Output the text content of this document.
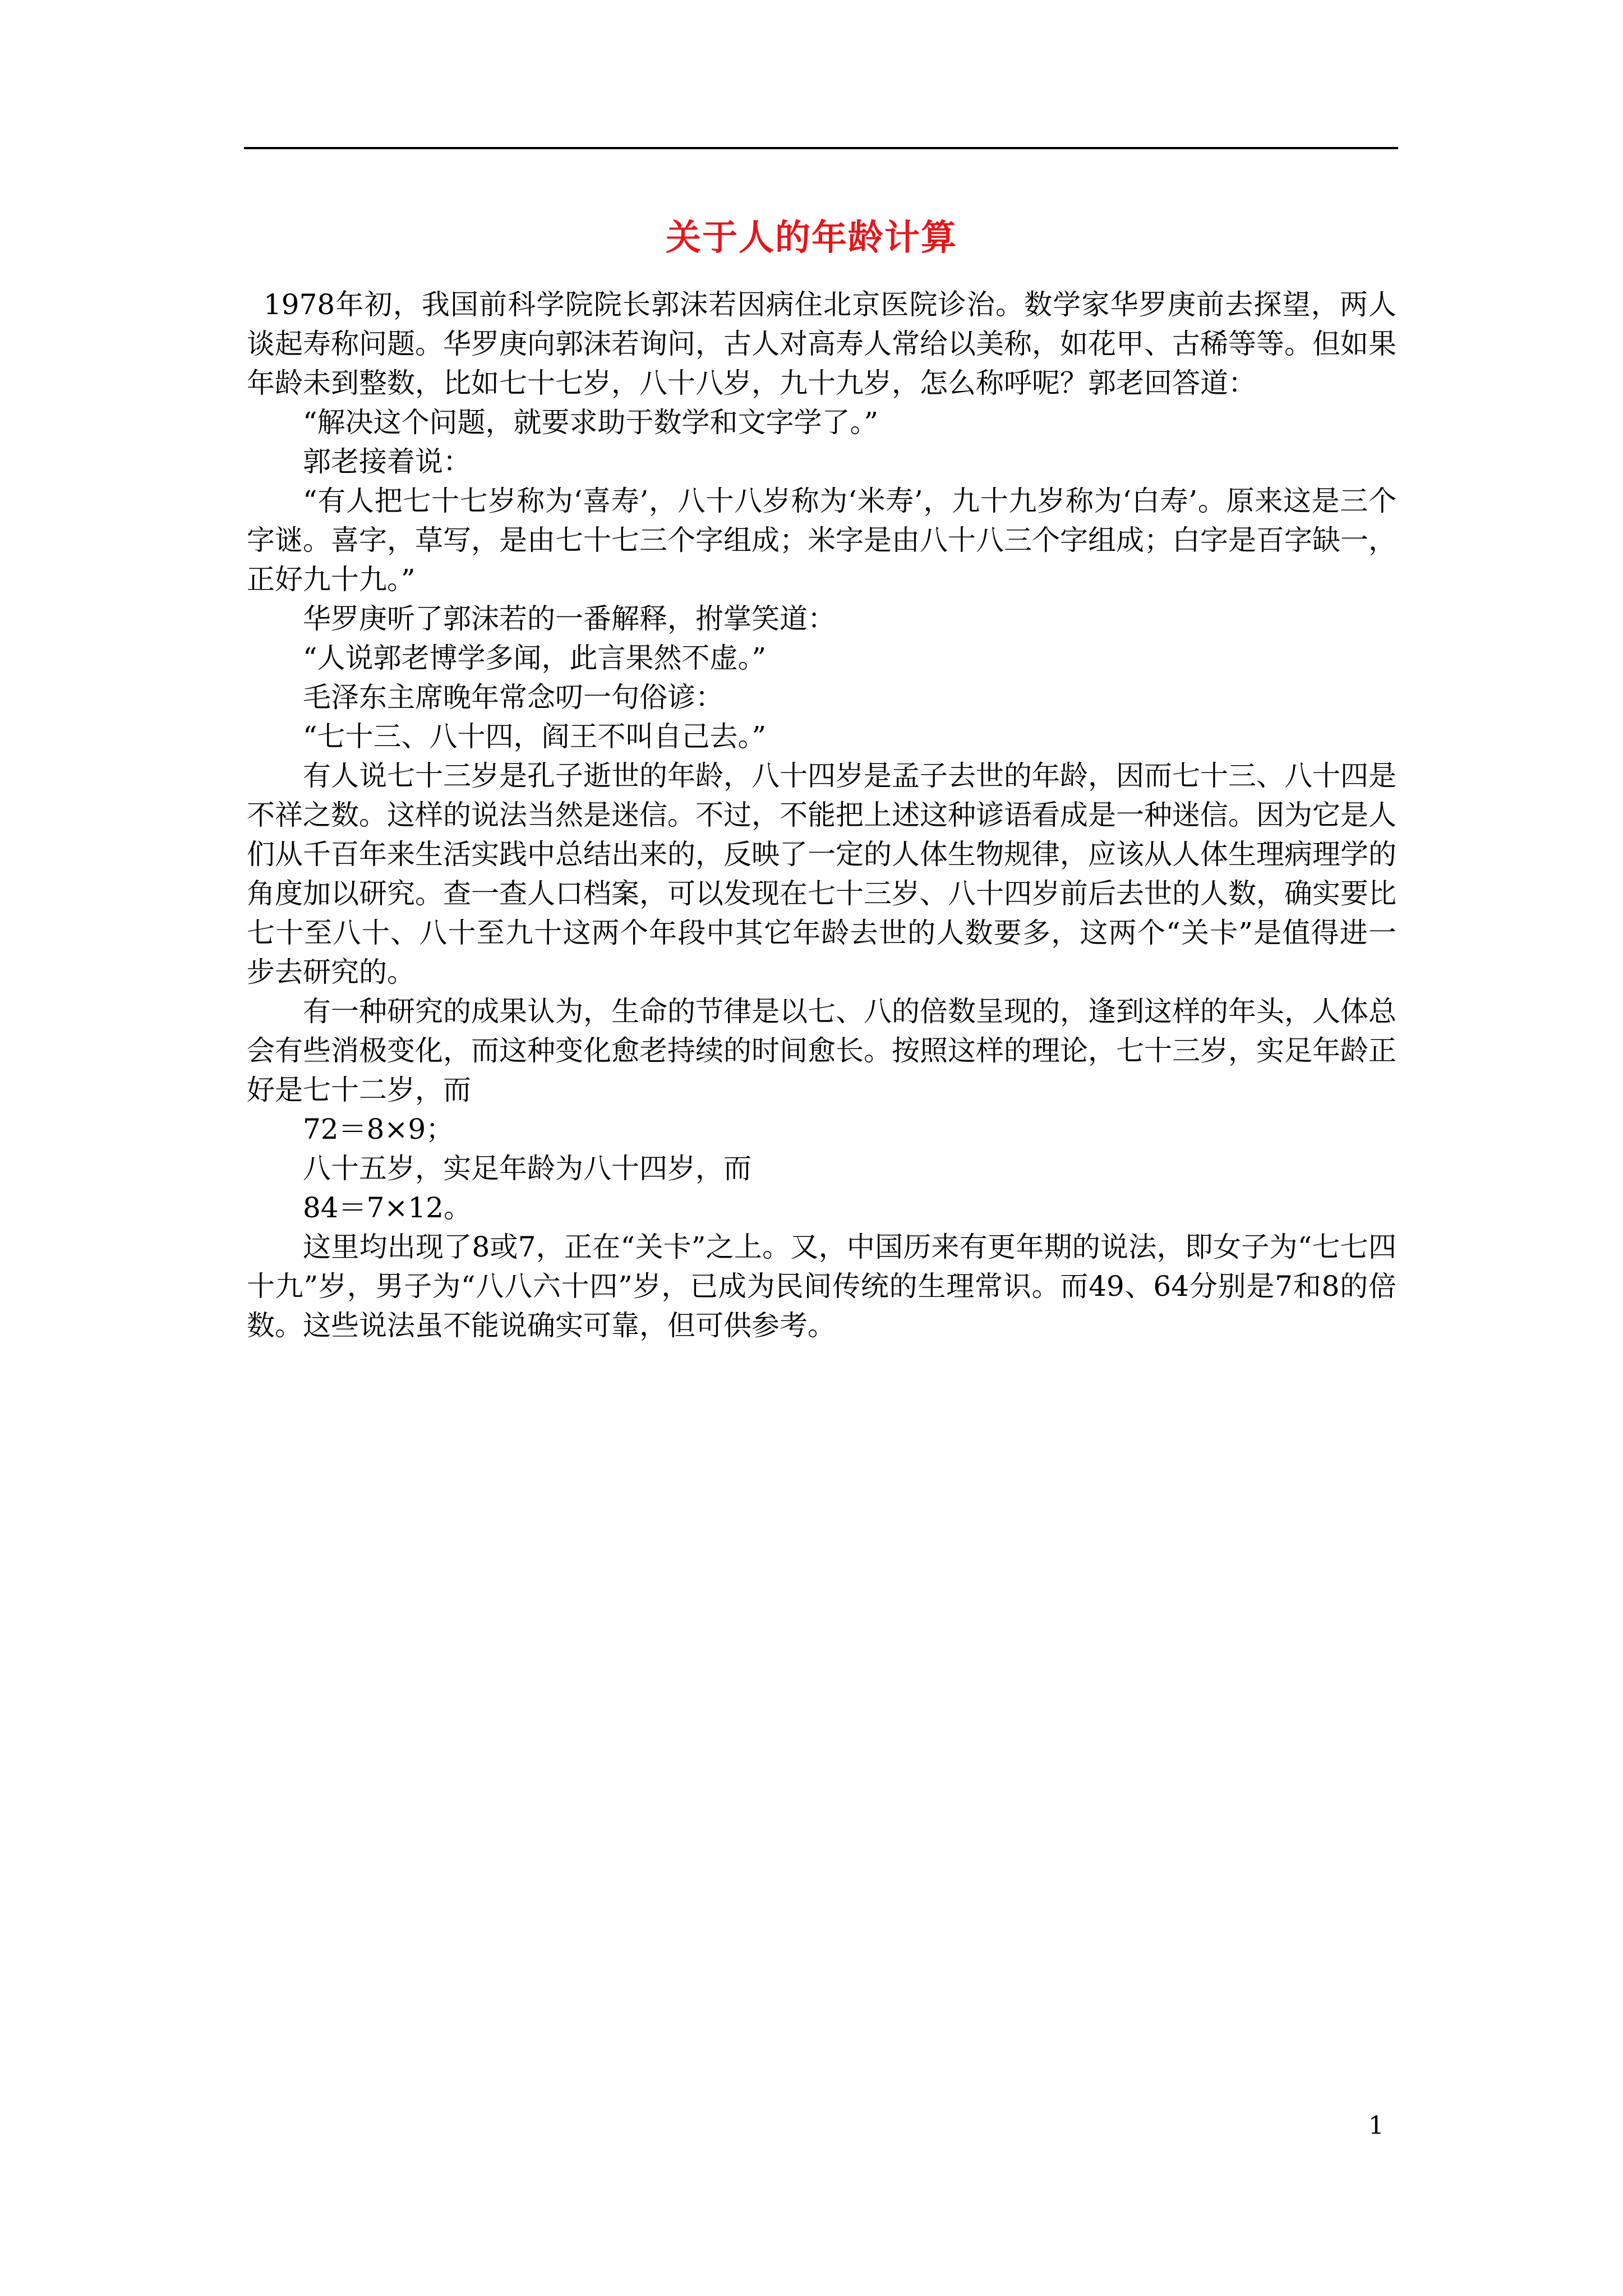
关于人的年龄计算

1978年初，我国前科学院院长郭沫若因病住北京医院诊治。数学家华罗庚前去探望，两人谈起寿称问题。华罗庚向郭沫若询问，古人对高寿人常给以美称，如花甲、古稀等等。但如果年龄未到整数，比如七十七岁，八十八岁，九十九岁，怎么称呼呢？郭老回答道：

“解决这个问题，就要求助于数学和文字学了。”

郭老接着说：

“有人把七十七岁称为‘喜寿’，八十八岁称为‘米寿’，九十九岁称为‘白寿’。原来这是三个字谜。喜字，草写，是由七十七三个字组成；米字是由八十八三个字组成；白字是百字缺一，正好九十九。”

华罗庚听了郭沫若的一番解释，拊掌笑道：

“人说郭老博学多闻，此言果然不虚。”

毛泽东主席晚年常念叨一句俗谚：

“七十三、八十四，阎王不叫自己去。”

有人说七十三岁是孔子逝世的年龄，八十四岁是孟子去世的年龄，因而七十三、八十四是不祥之数。这样的说法当然是迷信。不过，不能把上述这种谚语看成是一种迷信。因为它是人们从千百年来生活实践中总结出来的，反映了一定的人体生物规律，应该从人体生理病理学的角度加以研究。查一查人口档案，可以发现在七十三岁、八十四岁前后去世的人数，确实要比七十至八十、八十至九十这两个年段中其它年龄去世的人数要多，这两个“关卡”是值得进一步去研究的。

有一种研究的成果认为，生命的节律是以七、八的倍数呈现的，逢到这样的年头，人体总会有些消极变化，而这种变化愈老持续的时间愈长。按照这样的理论，七十三岁，实足年龄正好是七十二岁，而

72＝8×9；

八十五岁，实足年龄为八十四岁，而

84＝7×12。

这里均出现了8或7，正在“关卡”之上。又，中国历来有更年期的说法，即女子为“七七四十九”岁，男子为“八八六十四”岁，已成为民间传统的生理常识。而49、64分别是7和8的倍数。这些说法虽不能说确实可靠，但可供参考。

1
